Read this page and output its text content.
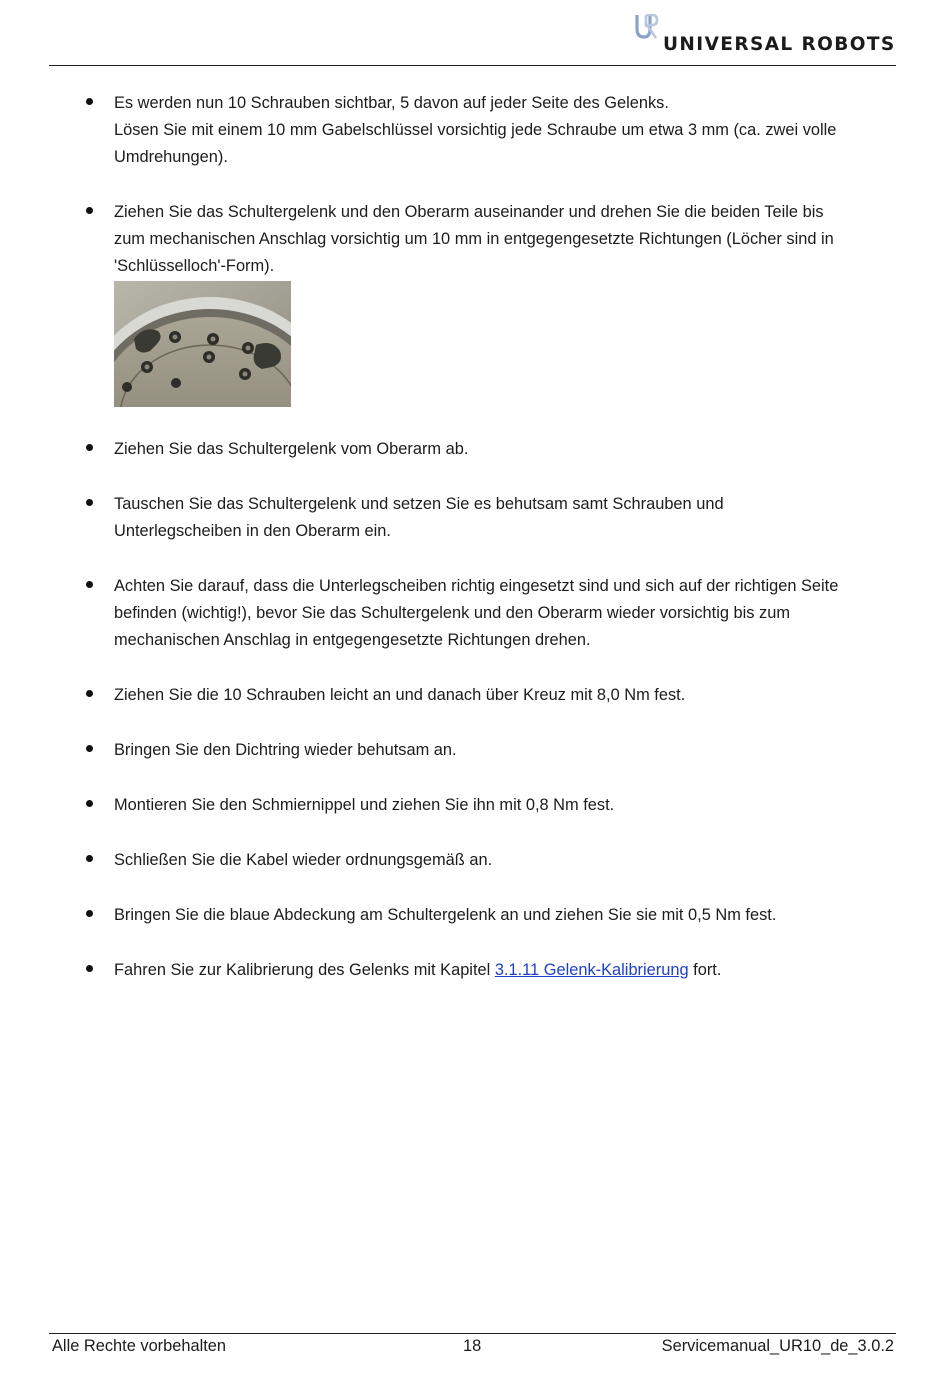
UNIVERSAL ROBOTS
Es werden nun 10 Schrauben sichtbar, 5 davon auf jeder Seite des Gelenks.
Lösen Sie mit einem 10 mm Gabelschlüssel vorsichtig jede Schraube um etwa 3 mm (ca. zwei volle
Umdrehungen).
Ziehen Sie das Schultergelenk und den Oberarm auseinander und drehen Sie die beiden Teile bis
zum mechanischen Anschlag vorsichtig um 10 mm in entgegengesetzte Richtungen (Löcher sind in
'Schlüsselloch'-Form).
Ziehen Sie das Schultergelenk vom Oberarm ab.
Tauschen Sie das Schultergelenk und setzen Sie es behutsam samt Schrauben und
Unterlegscheiben in den Oberarm ein.
Achten Sie darauf, dass die Unterlegscheiben richtig eingesetzt sind und sich auf der richtigen Seite
befinden (wichtig!), bevor Sie das Schultergelenk und den Oberarm wieder vorsichtig bis zum
mechanischen Anschlag in entgegengesetzte Richtungen drehen.
Ziehen Sie die 10 Schrauben leicht an und danach über Kreuz mit 8,0 Nm fest.
Bringen Sie den Dichtring wieder behutsam an.
Montieren Sie den Schmiernippel und ziehen Sie ihn mit 0,8 Nm fest.
Schließen Sie die Kabel wieder ordnungsgemäß an.
Bringen Sie die blaue Abdeckung am Schultergelenk an und ziehen Sie sie mit 0,5 Nm fest.
Fahren Sie zur Kalibrierung des Gelenks mit Kapitel 3.1.11 Gelenk-Kalibrierung fort.
Alle Rechte vorbehalten	18	Servicemanual_UR10_de_3.0.2
